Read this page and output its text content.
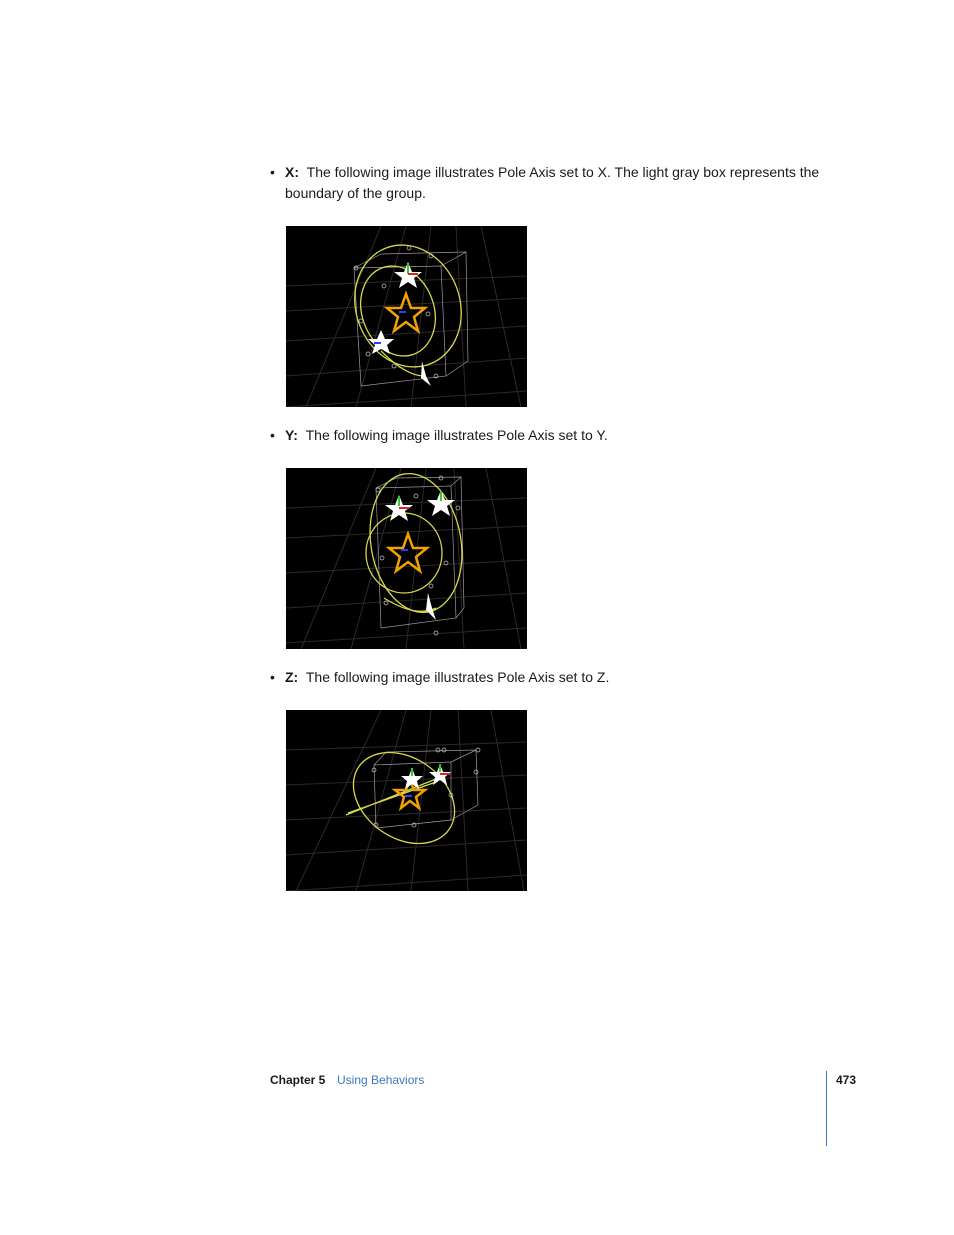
• X: The following image illustrates Pole Axis set to X. The light gray box represents the boundary of the group.
• Y: The following image illustrates Pole Axis set to Y.
• Z: The following image illustrates Pole Axis set to Z.
Chapter 5 Using Behaviors	473
